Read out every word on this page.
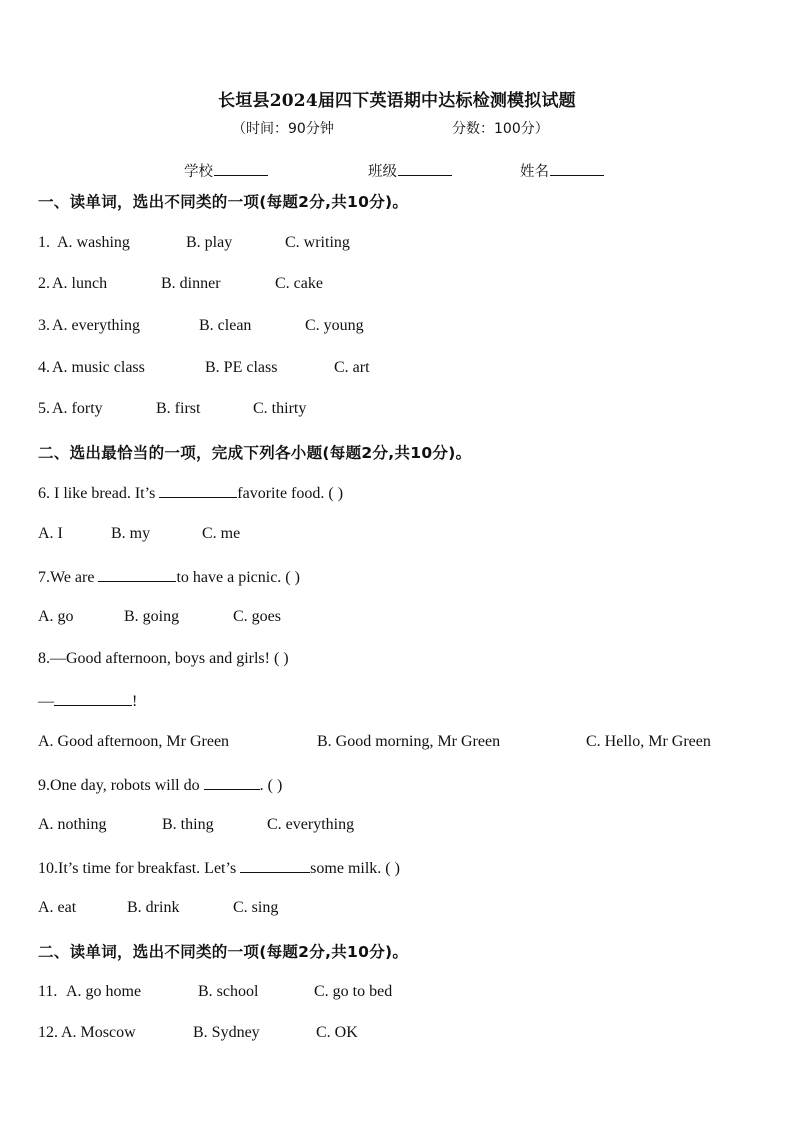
长垣县2024届四下英语期中达标检测模拟试题
（时间：90分钟	分数：100分）
学校	班级	姓名
一、读单词，选出不同类的一项(每题2分,共10分)。
1. A. washing	B. play	C. writing
2. A. lunch	B. dinner	C. cake
3. A. everything	B. clean	C. young
4. A. music class	B. PE class	C. art
5. A. forty	B. first	C. thirty
二、选出最恰当的一项，完成下列各小题(每题2分,共10分)。
6. I like bread. It’s	favorite food. ( )
A. I	B. my	C. me
7.We are	to have a picnic. ( )
A. go	B. going	C. goes
8.—Good afternoon, boys and girls! ( )
—	!
A. Good afternoon, Mr Green	B. Good morning, Mr Green	C. Hello, Mr Green
9.One day, robots will do	. ( )
A. nothing	B. thing	C. everything
10.It’s time for breakfast. Let’s	some milk. ( )
A. eat	B. drink	C. sing
二、读单词，选出不同类的一项(每题2分,共10分)。
11. A. go home	B. school	C. go to bed
12. A. Moscow	B. Sydney	C. OK
